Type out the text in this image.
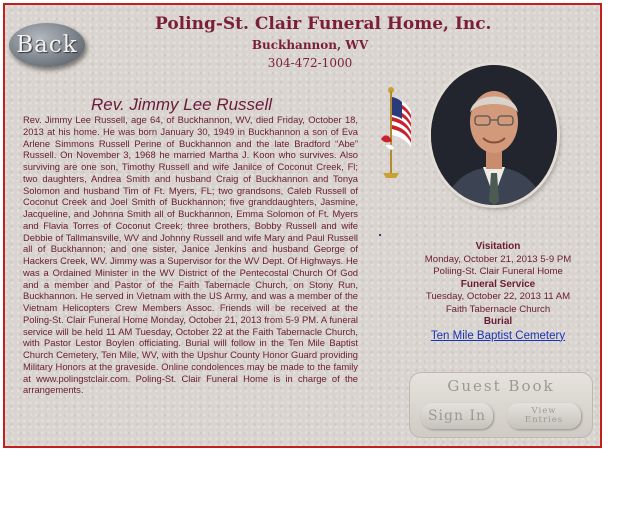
Back
Poling-St. Clair Funeral Home, Inc.
Buckhannon, WV
304-472-1000
Rev. Jimmy Lee Russell

Rev. Jimmy Lee Russell, age 64, of Buckhannon, WV, died Friday, October 18, 2013 at his home. He was born January 30, 1949 in Buckhannon a son of Eva Arlene Simmons Russell Perine of Buckhannon and the late Bradford “Abe” Russell. On November 3, 1968 he married Martha J. Koon who survives. Also surviving are one son, Timothy Russell and wife Janilce of Coconut Creek, Fl; two daughters, Andrea Smith and husband Craig of Buckhannon and Tonya Solomon and husband Tim of Ft. Myers, FL; two grandsons, Caleb Russell of Coconut Creek and Joel Smith of Buckhannon; five granddaughters, Jasmine, Jacqueline, and Johnna Smith all of Buckhannon, Emma Solomon of Ft. Myers and Flavia Torres of Coconut Creek; three brothers, Bobby Russell and wife Debbie of Tallmansville, WV and Johnny Russell and wife Mary and Paul Russell all of Buckhannon; and one sister, Janice Jenkins and husband George of Hackers Creek, WV. Jimmy was a Supervisor for the WV Dept. Of Highways. He was a Ordained Minister in the WV District of the Pentecostal Church Of God and a member and Pastor of the Faith Tabernacle Church, on Stony Run, Buckhannon. He served in Vietnam with the US Army, and was a member of the Vietnam Helicopters Crew Members Assoc. Friends will be received at the Poling-St. Clair Funeral Home Monday, October 21, 2013 from 5-9 PM. A funeral service will be held 11 AM Tuesday, October 22 at the Faith Tabernacle Church, with Pastor Lestor Boylen officiating. Burial will follow in the Ten Mile Baptist Church Cemetery, Ten Mile, WV, with the Upshur County Honor Guard providing Military Honors at the graveside. Online condolences may be made to the family at www.polingstclair.com. Poling-St. Clair Funeral Home is in charge of the arrangements.

Visitation
Monday, October 21, 2013 5-9 PM
Poliing-St. Clair Funeral Home
Funeral Service
Tuesday, October 22, 2013 11 AM
Faith Tabernacle Church
Burial
Ten Mile Baptist Cemetery
Guest Book
Sign In	View
Entries
